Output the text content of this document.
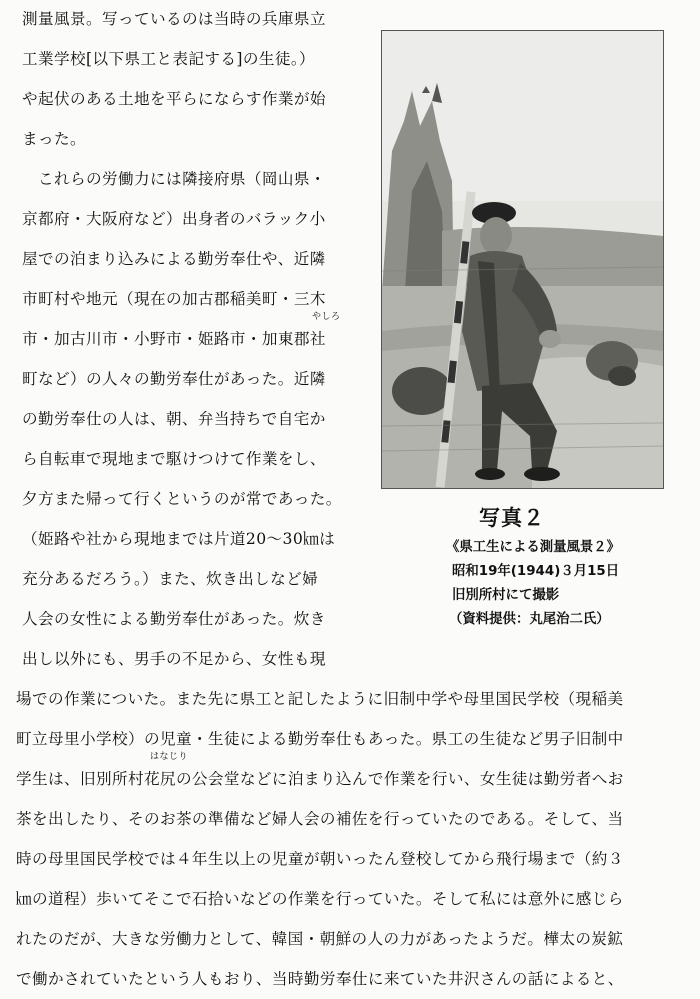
測量風景。写っているのは当時の兵庫県立
工業学校[以下県工と表記する]の生徒。）
や起伏のある土地を平らにならす作業が始
まった。
　これらの労働力には隣接府県（岡山県・
京都府・大阪府など）出身者のバラック小
屋での泊まり込みによる勤労奉仕や、近隣
市町村や地元（現在の加古郡稲美町・三木
やしろ
市・加古川市・小野市・姫路市・加東郡社
町など）の人々の勤労奉仕があった。近隣
の勤労奉仕の人は、朝、弁当持ちで自宅か
ら自転車で現地まで駆けつけて作業をし、
夕方また帰って行くというのが常であった。
（姫路や社から現地までは片道20～30㎞は
充分あるだろう。）また、炊き出しなど婦
人会の女性による勤労奉仕があった。炊き
出し以外にも、男手の不足から、女性も現
写真２
《県工生による測量風景２》
昭和19年(1944)３月15日
旧別所村にて撮影
（資料提供：丸尾治二氏）
場での作業についた。また先に県工と記したように旧制中学や母里国民学校（現稲美
町立母里小学校）の児童・生徒による勤労奉仕もあった。県工の生徒など男子旧制中
はなじり
学生は、旧別所村花尻の公会堂などに泊まり込んで作業を行い、女生徒は勤労者へお
茶を出したり、そのお茶の準備など婦人会の補佐を行っていたのである。そして、当
時の母里国民学校では４年生以上の児童が朝いったん登校してから飛行場まで（約３
㎞の道程）歩いてそこで石拾いなどの作業を行っていた。そして私には意外に感じら
れたのだが、大きな労働力として、韓国・朝鮮の人の力があったようだ。樺太の炭鉱
で働かされていたという人もおり、当時勤労奉仕に来ていた井沢さんの話によると、
